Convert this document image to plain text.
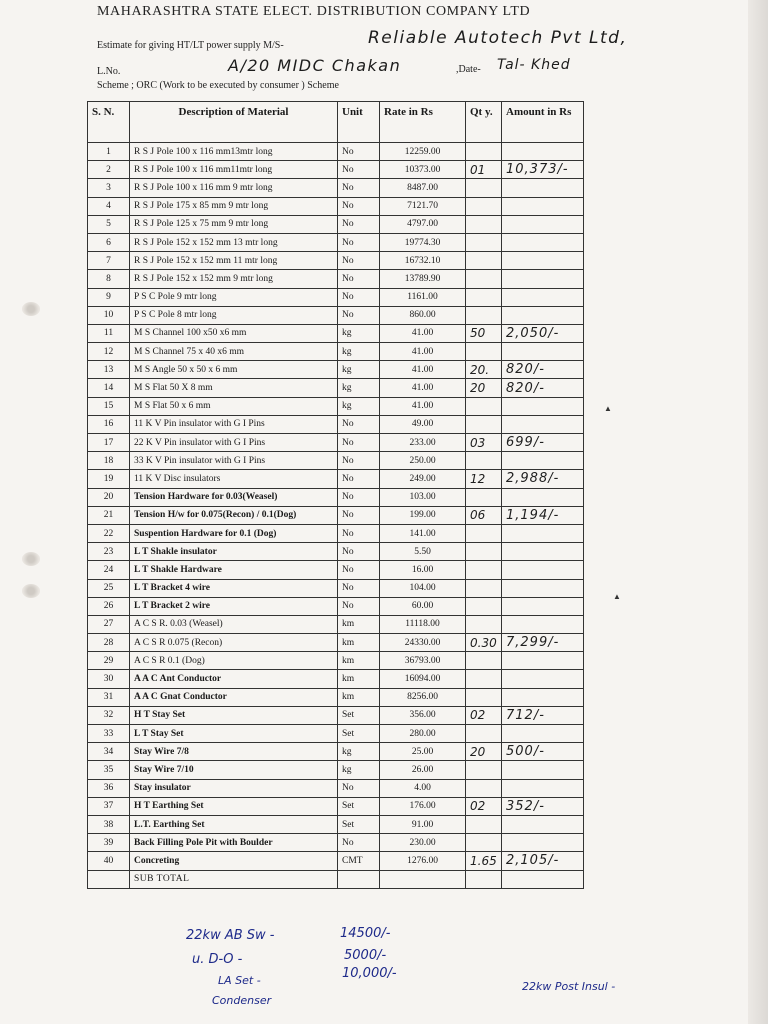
MAHARASHTRA STATE ELECT. DISTRIBUTION COMPANY LTD
Estimate for giving HT/LT power supply M/S-	Reliable Autotech Pvt Ltd,
L.No.	A/20 MIDC Chakan	,Date- Tal- Khed
Scheme ; ORC (Work to be executed by consumer ) Scheme
S. N.	Description of Material	Unit	Rate in Rs	Qt y.	Amount in Rs
1	R S J Pole 100 x 116 mm13mtr long	No	12259.00		
2	R S J Pole 100 x 116 mm11mtr long	No	10373.00	01	10,373/-
3	R S J Pole 100 x 116 mm 9 mtr long	No	8487.00		
4	R S J Pole 175 x 85 mm 9 mtr long	No	7121.70		
5	R S J Pole 125 x 75 mm 9 mtr long	No	4797.00		
6	R S J Pole 152 x 152 mm 13 mtr long	No	19774.30		
7	R S J Pole 152 x 152 mm 11 mtr long	No	16732.10		
8	R S J Pole 152 x 152 mm 9 mtr long	No	13789.90		
9	P S C Pole 9 mtr long	No	1161.00		
10	P S C Pole 8 mtr long	No	860.00		
11	M S Channel 100 x50 x6 mm	kg	41.00	50	2,050/-
12	M S Channel 75 x 40 x6 mm	kg	41.00		
13	M S Angle 50 x 50 x 6 mm	kg	41.00	20.	820/-
14	M S Flat 50 X 8 mm	kg	41.00	20	820/-
15	M S Flat 50 x 6 mm	kg	41.00		
16	11 K V Pin insulator with G I Pins	No	49.00		
17	22 K V Pin insulator with G I Pins	No	233.00	03	699/-
18	33 K V Pin insulator with G I Pins	No	250.00		
19	11 K V Disc insulators	No	249.00	12	2,988/-
20	Tension Hardware for 0.03(Weasel)	No	103.00		
21	Tension H/w for 0.075(Recon) / 0.1(Dog)	No	199.00	06	1,194/-
22	Suspention Hardware for 0.1 (Dog)	No	141.00		
23	L T Shakle insulator	No	5.50		
24	L T Shakle Hardware	No	16.00		
25	L T Bracket 4 wire	No	104.00		
26	L T Bracket 2 wire	No	60.00		
27	A C S R. 0.03 (Weasel)	km	11118.00		
28	A C S R 0.075 (Recon)	km	24330.00	0.30	7,299/-
29	A C S R 0.1 (Dog)	km	36793.00		
30	A A C Ant Conductor	km	16094.00		
31	A A C Gnat Conductor	km	8256.00		
32	H T Stay Set	Set	356.00	02	712/-
33	L T Stay Set	Set	280.00		
34	Stay Wire 7/8	kg	25.00	20	500/-
35	Stay Wire 7/10	kg	26.00		
36	Stay insulator	No	4.00		
37	H T Earthing Set	Set	176.00	02	352/-
38	L.T. Earthing Set	Set	91.00		
39	Back Filling Pole Pit with Boulder	No	230.00		
40	Concreting	CMT	1276.00	1.65	2,105/-
	SUB TOTAL				
▲
▲
22kw AB Sw -	14500/-
u. D-O -	5000/-
LA Set -	10,000/-
Condenser
22kw Post Insul -
